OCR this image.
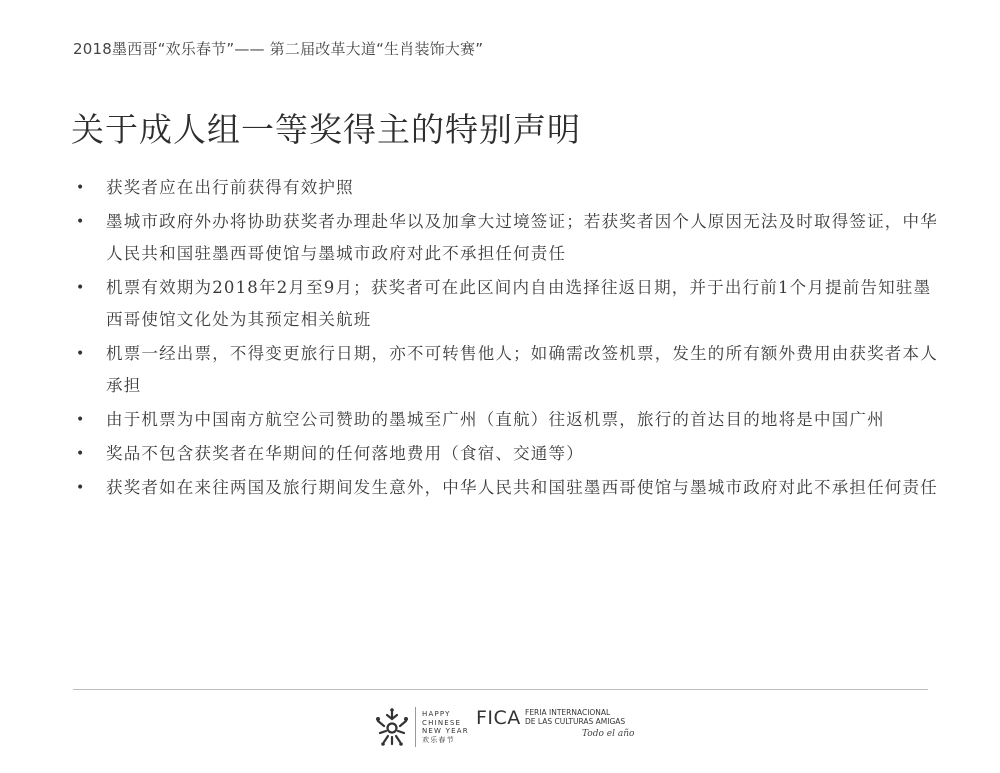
2018墨西哥“欢乐春节”—— 第二届改革大道“生肖装饰大赛”
关于成人组一等奖得主的特别声明
• 获奖者应在出行前获得有效护照
• 墨城市政府外办将协助获奖者办理赴华以及加拿大过境签证；若获奖者因个人原因无法及时取得签证，中华人民共和国驻墨西哥使馆与墨城市政府对此不承担任何责任
• 机票有效期为2018年2月至9月；获奖者可在此区间内自由选择往返日期，并于出行前1个月提前告知驻墨西哥使馆文化处为其预定相关航班
• 机票一经出票，不得变更旅行日期，亦不可转售他人；如确需改签机票，发生的所有额外费用由获奖者本人承担
• 由于机票为中国南方航空公司赞助的墨城至广州（直航）往返机票，旅行的首达目的地将是中国广州
• 奖品不包含获奖者在华期间的任何落地费用（食宿、交通等）
• 获奖者如在来往两国及旅行期间发生意外，中华人民共和国驻墨西哥使馆与墨城市政府对此不承担任何责任
HAPPY
CHINESE
NEW YEAR
欢乐春节
FICA FERIA INTERNACIONAL
DE LAS CULTURAS AMIGAS
Todo el año
